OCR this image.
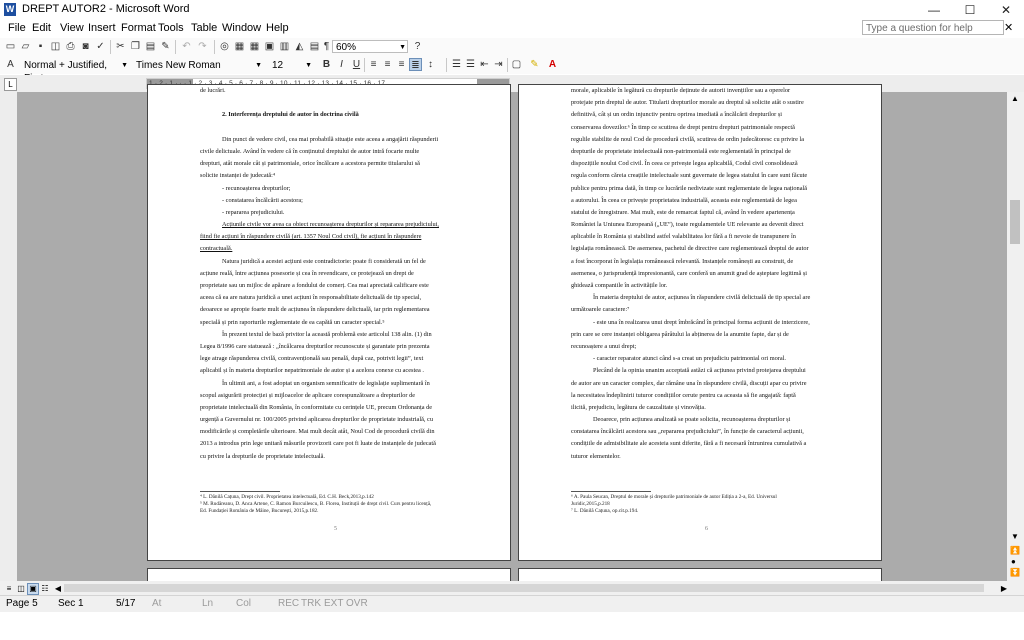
W DREPT AUTOR2 - Microsoft Word	—	☐	✕
File Edit View Insert Format Tools Table Window Help	Type a question for help	✕
▭ ▱ ▪ ◫ ⎙ ◙ ✓ ✂ ❐ ▤ ✎ ↶ ↷ ◎ ▦ ▦ ▣ ▥ ◭ ▤ ¶ 60%	▼ ?
A	Normal + Justified, ▼ Times New Roman	▼	12	▼ B	I U	≡ ≡ ≡ ≣ ↕	☰ ☰ ⇤ ⇥ ▢ ✎ A
L
de lucrări.
2. Interferența dreptului de autor în doctrina civilă
Din punct de vedere civil, cea mai probabilă situație este aceea a angajării răspunderii
civile delictuale. Având în vedere că în conținutul dreptului de autor intră focarte multe
drepturi, atât morale cât și patrimoniale, orice încălcare a acestora permite titularului să
solicite instanței de judecată:⁴
- recunoașterea drepturilor;
- constatarea încălcării acestora;
- repararea prejudiciului.
Acțiunile civile vor avea ca obiect recunoașterea drepturilor și repararea prejudiciului,
fiind fie acțiuni în răspundere civilă (art. 1357 Noul Cod civil), fie acțiuni în răspundere
contractuală.
Natura juridică a acestei acțiuni este contradictorie: poate fi considerată un fel de
acțiune reală, între acțiunea posesorie și cea în revendicare, ce protejează un drept de
proprietate sau un mijloc de apărare a fondului de comerț. Cea mai apreciată calificare este
aceea că ea are natura juridică a unei acțiuni în responsabilitate delictuală de tip special,
deoarece se apropie foarte mult de acțiunea în răspundere delictuală, iar prin reglementarea
specială și prin raporturile reglementate de ea capătă un caracter special.⁵
În prezent textul de bază privitor la această problemă este articolul 138 alin. (1) din
Legea 8/1996 care statuează : „încălcarea drepturilor recunoscute și garantate prin prezenta
lege atrage răspunderea civilă, contravențională sau penală, după caz, potrivit legii”, text
aplicabil și în materia drepturilor nepatrimoniale de autor și a acelora conexe cu acestea .
În ultimii ani, a fost adoptat un organism semnificativ de legislație suplimentară în
scopul asigurării protecției și mijloacelor de aplicare corespunzătoare a drepturilor de
proprietate intelectuală din România, în conformitate cu cerințele UE, precum Ordonanța de
urgență a Guvernului nr. 100/2005 privind aplicarea drepturilor de proprietate industrială, cu
modificările și completările ulterioare. Mai mult decât atât, Noul Cod de procedură civilă din
2013 a introdus prin lege unitară măsurile provizorii care pot fi luate de instanțele de judecată
cu privire la drepturile de proprietate intelectuală.
⁴ L. Dănilă Cațuna, Drept civil. Proprietatea intelectuală, Ed. C.H. Beck,2013,p.142
⁵ M. Rudăreanu, D. Anca Artene, C. Ramon Burcuilescu, B. Florea, Instituții de drept civil. Curs pentru licență,
Ed. Fundației România de Mâine, București, 2015,p.182.
5
morale, aplicabile în legătură cu drepturile deținute de autorii invențiilor sau a operelor
protejate prin dreptul de autor. Titularii drepturilor morale au dreptul să solicite atât o sustire
definitivă, cât și un ordin injunctiv pentru oprirea imediată a încălcării drepturilor și
conservarea dovezilor.⁶ În timp ce scutirea de drept pentru drepturi patrimoniale respectă
regulile stabilite de noul Cod de procedură civilă, scutirea de ordin judecătoresc cu privire la
drepturile de proprietate intelectuală non-patrimonială este reglementată în principal de
dispozițiile noului Cod civil. În ceea ce privește legea aplicabilă, Codul civil consolidează
regula conform căreia creațiile intelectuale sunt guvernate de legea statului în care sunt făcute
publice pentru prima dată, în timp ce lucrările nedivizate sunt reglementate de legea națională
a autorului. În ceea ce privește proprietatea industrială, aceasta este reglementată de legea
statului de înregistrare. Mai mult, este de remarcat faptul că, având în vedere apartenența
României la Uniunea Europeană („UE”), toate regulamentele UE relevante au devenit direct
aplicabile în România și stabilind astfel valabilitatea lor fără a fi nevoie de transpunere în
legislația românească. De asemenea, pachetul de directive care reglementează dreptul de autor
a fost încorporat în legislația românească relevantă. Instanțele românești au construit, de
asemenea, o jurisprudență impresionantă, care conferă un anumit grad de așteptare legitimă și
ghidează companiile în activitățile lor.
În materia dreptului de autor, acțiunea în răspundere civilă delictuală de tip special are
următoarele caractere:⁷
- este una în realizarea unui drept îmbrăcând în principal forma acțiunii de interzicere,
prin care se cere instanței obligarea pârâtului la abținerea de la anumite fapte, dar și de
recunoaștere a unui drept;
- caracter reparator atunci când s-a creat un prejudiciu patrimonial ori moral.
Plecând de la opinia unanim acceptată astăzi că acțiunea privind protejarea dreptului
de autor are un caracter complex, dar rămâne una în răspundere civilă, discuții apar cu privire
la necesitatea îndeplinirii tuturor condițiilor cerute pentru ca aceasta să fie angajată: faptă
ilicită, prejudiciu, legătura de cauzalitate și vinovăția.
Deoarece, prin acțiunea analizată se poate solicita, recunoașterea drepturilor și
constatarea încălcării acestora sau „repararea prejudiciului”, în funcție de caracterul acțiunii,
condițiile de admisibilitate ale acesteia sunt diferite, fără a fi necesară întrunirea cumulativă a
tuturor elementelor.
⁶ A. Paula Seucan, Dreptul de morale și drepturile patrimoniale de autor Ediția a 2-a, Ed. Universul
Juridic,2015,p.218
⁷ L. Dănilă Cațuna, op.cit.p.194.
6
▲
▼
⏫
●
⏬
≡ ◫ ▣ ☷ ◀	▶
Page 5 Sec 1	5/17 At	Ln Col	REC TRK EXT OVR
